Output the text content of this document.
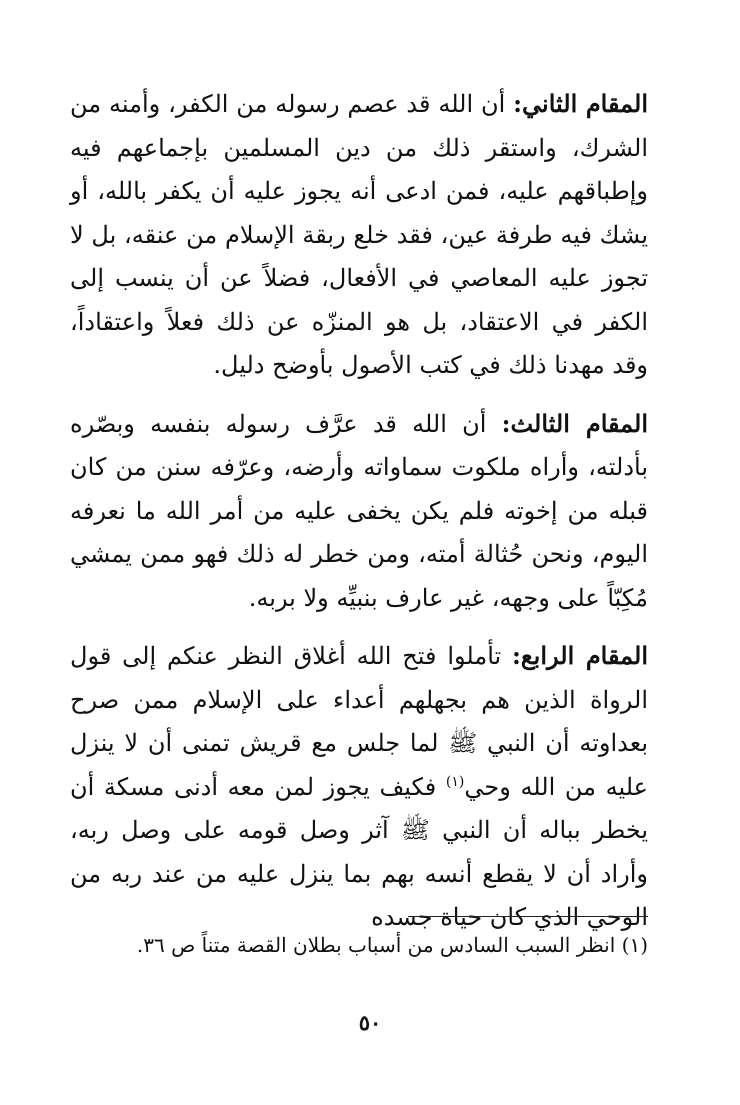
المقام الثاني: أن الله قد عصم رسوله من الكفر، وأمنه من الشرك، واستقر ذلك من دين المسلمين بإجماعهم فيه وإطباقهم عليه، فمن ادعى أنه يجوز عليه أن يكفر بالله، أو يشك فيه طرفة عين، فقد خلع ربقة الإسلام من عنقه، بل لا تجوز عليه المعاصي في الأفعال، فضلاً عن أن ينسب إلى الكفر في الاعتقاد، بل هو المنزّه عن ذلك فعلاً واعتقاداً، وقد مهدنا ذلك في كتب الأصول بأوضح دليل.

المقام الثالث: أن الله قد عرَّف رسوله بنفسه وبصّره بأدلته، وأراه ملكوت سماواته وأرضه، وعرّفه سنن من كان قبله من إخوته فلم يكن يخفى عليه من أمر الله ما نعرفه اليوم، ونحن حُثالة أمته، ومن خطر له ذلك فهو ممن يمشي مُكِبّاً على وجهه، غير عارف بنبيِّه ولا بربه.

المقام الرابع: تأملوا فتح الله أغلاق النظر عنكم إلى قول الرواة الذين هم بجهلهم أعداء على الإسلام ممن صرح بعداوته أن النبي ﷺ لما جلس مع قريش تمنى أن لا ينزل عليه من الله وحي$^{(١)}$ فكيف يجوز لمن معه أدنى مسكة أن يخطر بباله أن النبي ﷺ آثر وصل قومه على وصل ربه، وأراد أن لا يقطع أنسه بهم بما ينزل عليه من عند ربه من الوحي الذي كان حياة جسده

(١) انظر السبب السادس من أسباب بطلان القصة متناً ص ٣٦.
٥٠
